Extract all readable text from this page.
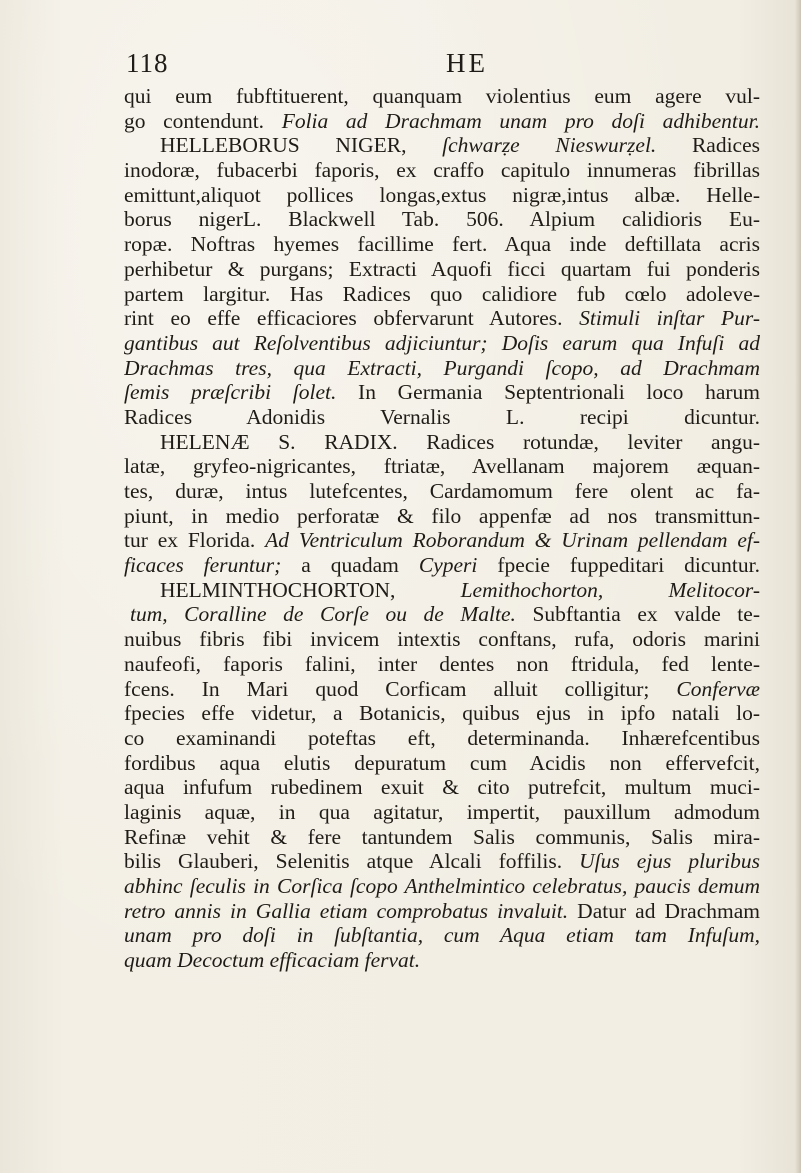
118	HE
qui eum fubftituerent, quanquam violentius eum agere vul-
go contendunt. Folia ad Drachmam unam pro doſi adhibentur.
HELLEBORUS NIGER, ſchwarẓe Nieswurẓel. Radices
inodoræ, fubacerbi faporis, ex craffo capitulo innumeras fibrillas
emittunt,aliquot pollices longas,extus nigræ,intus albæ. Helle-
borus nigerL. Blackwell Tab. 506. Alpium calidioris Eu-
ropæ. Noftras hyemes facillime fert. Aqua inde deftillata acris
perhibetur & purgans; Extracti Aquofi ficci quartam fui ponderis
partem largitur. Has Radices quo calidiore fub cœlo adoleve-
rint eo effe efficaciores obfervarunt Autores. Stimuli inſtar Pur-
gantibus aut Reſolventibus adjiciuntur; Doſis earum qua Infuſi ad
Drachmas tres, qua Extracti, Purgandi ſcopo, ad Drachmam
ſemis præſcribi ſolet. In Germania Septentrionali loco harum
Radices Adonidis Vernalis L. recipi dicuntur.
HELENÆ S. RADIX. Radices rotundæ, leviter angu-
latæ, gryfeo-nigricantes, ftriatæ, Avellanam majorem æquan-
tes, duræ, intus lutefcentes, Cardamomum fere olent ac fa-
piunt, in medio perforatæ & filo appenfæ ad nos transmittun-
tur ex Florida. Ad Ventriculum Roborandum & Urinam pellendam ef-
ficaces feruntur; a quadam Cyperi fpecie fuppeditari dicuntur.
HELMINTHOCHORTON, Lemithochorton, Melitocor-
tum, Coralline de Corſe ou de Malte. Subftantia ex valde te-
nuibus fibris fibi invicem intextis conftans, rufa, odoris marini
naufeofi, faporis falini, inter dentes non ftridula, fed lente-
fcens. In Mari quod Corficam alluit colligitur; Confervæ
fpecies effe videtur, a Botanicis, quibus ejus in ipfo natali lo-
co examinandi poteftas eft, determinanda. Inhærefcentibus
fordibus aqua elutis depuratum cum Acidis non effervefcit,
aqua infufum rubedinem exuit & cito putrefcit, multum muci-
laginis aquæ, in qua agitatur, impertit, pauxillum admodum
Refinæ vehit & fere tantundem Salis communis, Salis mira-
bilis Glauberi, Selenitis atque Alcali foffilis. Uſus ejus pluribus
abhinc ſeculis in Corſica ſcopo Anthelmintico celebratus, paucis demum
retro annis in Gallia etiam comprobatus invaluit. Datur ad Drachmam
unam pro doſi in ſubſtantia, cum Aqua etiam tam Infuſum,
quam Decoctum efficaciam fervat.
